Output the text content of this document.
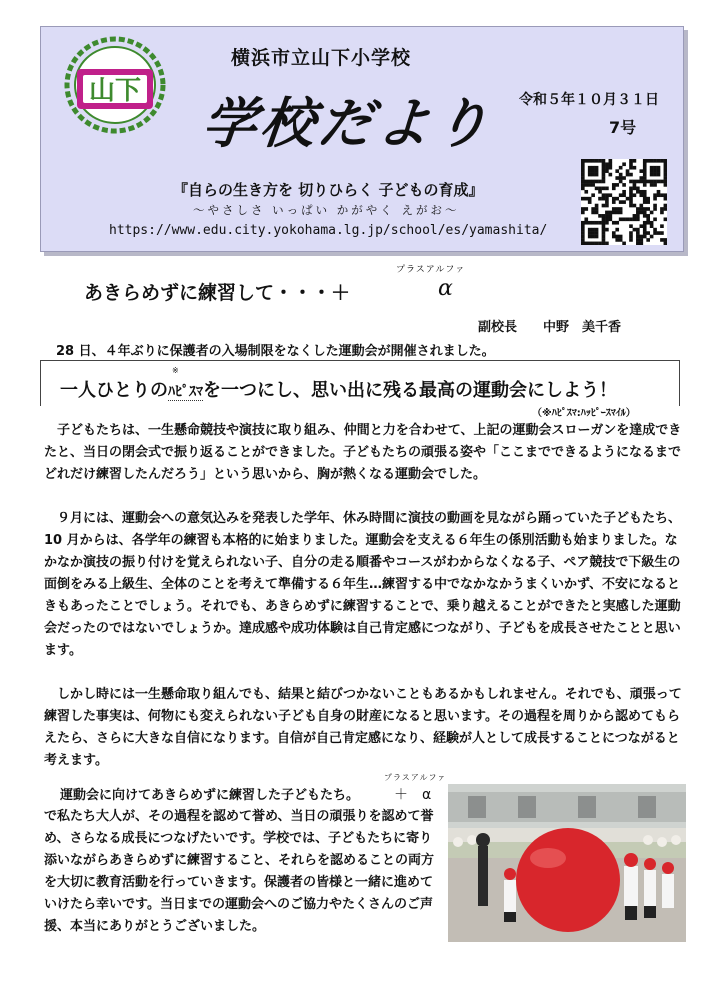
山下
横浜市立山下小学校
学校だより 令和５年１０月３１日
7号
『自らの生き方を 切りひらく 子どもの育成』
～やさしさ いっぱい かがやく えがお～
https://www.edu.city.yokohama.lg.jp/school/es/yamashita/
プラスアルファ
あきらめずに練習して・・・＋	α
副校長　　中野　美千香
28 日、４年ぶりに保護者の入場制限をなくした運動会が開催されました。
※
一人ひとりのﾊﾋﾟｽﾏを一つにし、思い出に残る最高の運動会にしよう！
（※ﾊﾋﾟｽﾏ:ﾊｯﾋﾟｰｽﾏｲﾙ）

子どもたちは、一生懸命競技や演技に取り組み、仲間と力を合わせて、上記の運動会スローガンを達成できたと、当日の閉会式で振り返ることができました。子どもたちの頑張る姿や「ここまでできるようになるまでどれだけ練習したんだろう」という思いから、胸が熱くなる運動会でした。

９月には、運動会への意気込みを発表した学年、休み時間に演技の動画を見ながら踊っていた子どもたち、10 月からは、各学年の練習も本格的に始まりました。運動会を支える６年生の係別活動も始まりました。なかなか演技の振り付けを覚えられない子、自分の走る順番やコースがわからなくなる子、ペア競技で下級生の面倒をみる上級生、全体のことを考えて準備する６年生…練習する中でなかなかうまくいかず、不安になるときもあったことでしょう。それでも、あきらめずに練習することで、乗り越えることができたと実感した運動会だったのではないでしょうか。達成感や成功体験は自己肯定感につながり、子どもを成長させたことと思います。

しかし時には一生懸命取り組んでも、結果と結びつかないこともあるかもしれません。それでも、頑張って練習した事実は、何物にも変えられない子ども自身の財産になると思います。その過程を周りから認めてもらえたら、さらに大きな自信になります。自信が自己肯定感になり、経験が人として成長することにつながると考えます。

プラスアルファ
運動会に向けてあきらめずに練習した子どもたち。 ＋　α

で私たち大人が、その過程を認めて誉め、当日の頑張りを認めて誉め、さらなる成長につなげたいです。学校では、子どもたちに寄り添いながらあきらめずに練習すること、それらを認めることの両方を大切に教育活動を行っていきます。保護者の皆様と一緒に進めていけたら幸いです。当日までの運動会へのご協力やたくさんのご声援、本当にありがとうございました。
